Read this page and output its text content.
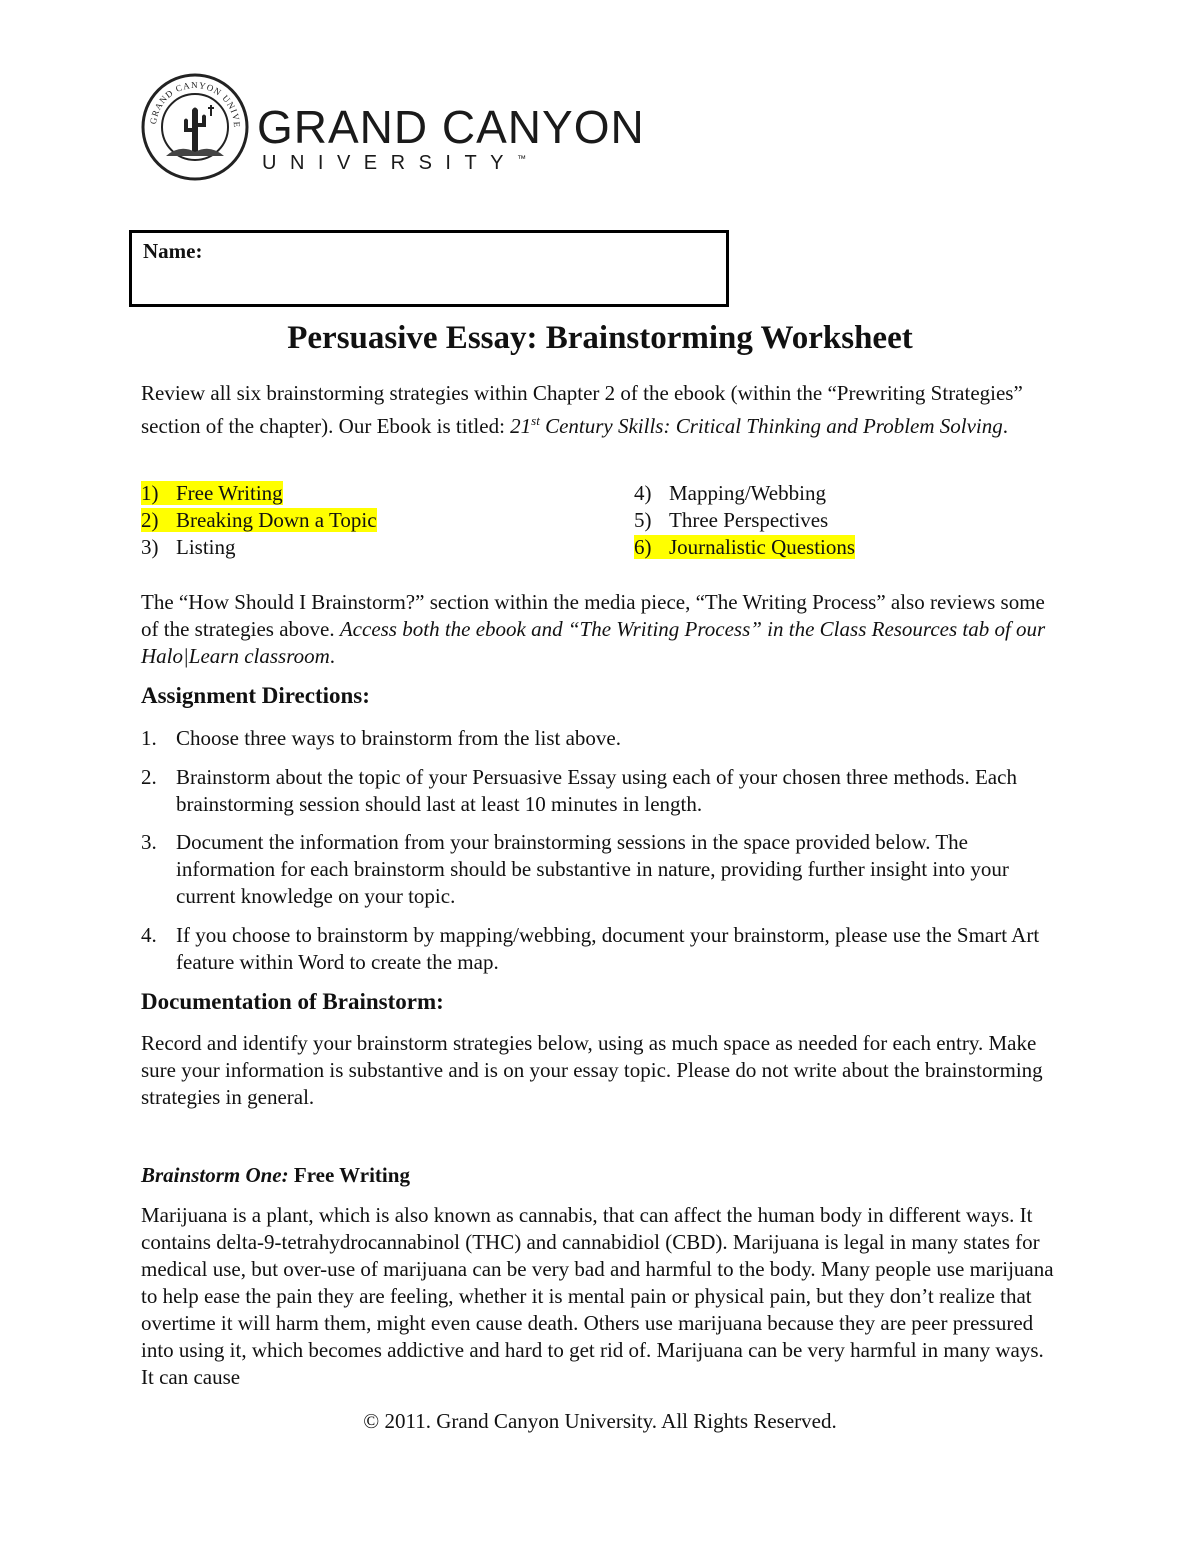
GRAND CANYON UNIVE GRAND CANYON
UNIVERSITY™
Name:
Persuasive Essay: Brainstorming Worksheet
Review all six brainstorming strategies within Chapter 2 of the ebook (within the “Prewriting Strategies” section of the chapter). Our Ebook is titled: 21st Century Skills: Critical Thinking and Problem Solving.
1) Free Writing
2) Breaking Down a Topic
3) Listing
4) Mapping/Webbing
5) Three Perspectives
6) Journalistic Questions
The “How Should I Brainstorm?” section within the media piece, “The Writing Process” also reviews some of the strategies above. Access both the ebook and “The Writing Process” in the Class Resources tab of our Halo|Learn classroom.
Assignment Directions:
1. Choose three ways to brainstorm from the list above.
2. Brainstorm about the topic of your Persuasive Essay using each of your chosen three methods. Each brainstorming session should last at least 10 minutes in length.
3. Document the information from your brainstorming sessions in the space provided below. The information for each brainstorm should be substantive in nature, providing further insight into your current knowledge on your topic.
4. If you choose to brainstorm by mapping/webbing, document your brainstorm, please use the Smart Art feature within Word to create the map.
Documentation of Brainstorm:
Record and identify your brainstorm strategies below, using as much space as needed for each entry. Make sure your information is substantive and is on your essay topic. Please do not write about the brainstorming strategies in general.
Brainstorm One: Free Writing
Marijuana is a plant, which is also known as cannabis, that can affect the human body in different ways. It contains delta-9-tetrahydrocannabinol (THC) and cannabidiol (CBD). Marijuana is legal in many states for medical use, but over-use of marijuana can be very bad and harmful to the body. Many people use marijuana to help ease the pain they are feeling, whether it is mental pain or physical pain, but they don’t realize that overtime it will harm them, might even cause death. Others use marijuana because they are peer pressured into using it, which becomes addictive and hard to get rid of. Marijuana can be very harmful in many ways. It can cause
© 2011. Grand Canyon University. All Rights Reserved.
